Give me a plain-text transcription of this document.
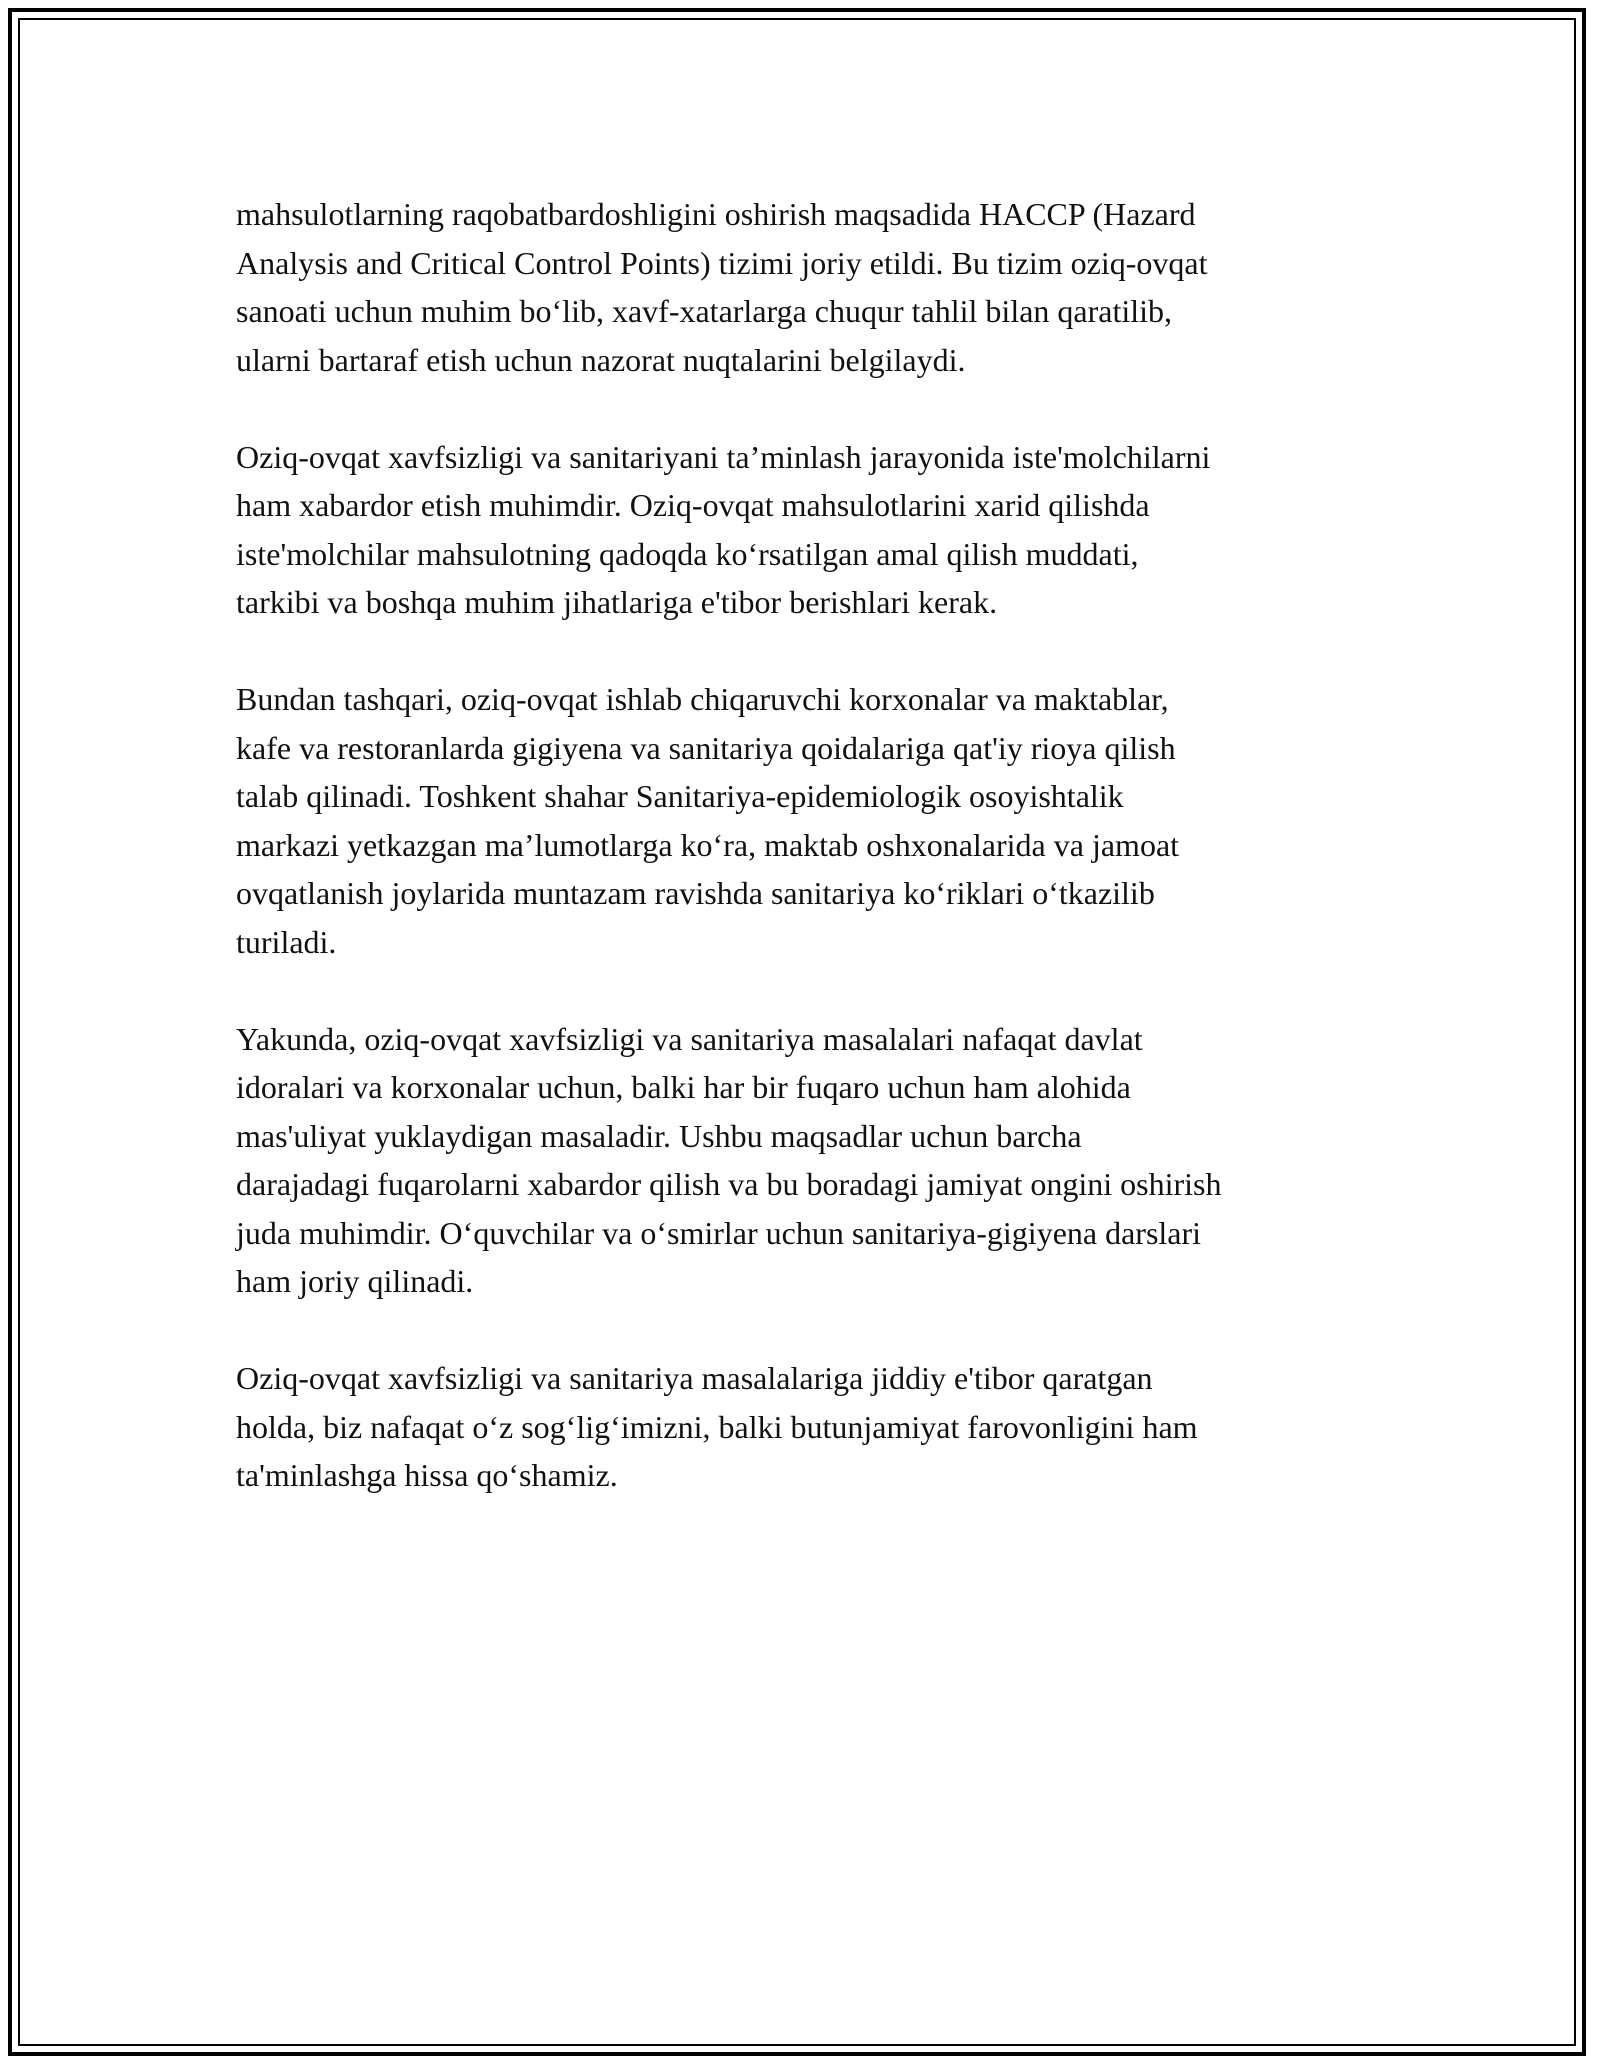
mahsulotlarning raqobatbardoshligini oshirish maqsadida HACCP (Hazard
Analysis and Critical Control Points) tizimi joriy etildi. Bu tizim oziq-ovqat
sanoati uchun muhim bo‘lib, xavf-xatarlarga chuqur tahlil bilan qaratilib,
ularni bartaraf etish uchun nazorat nuqtalarini belgilaydi.

Oziq-ovqat xavfsizligi va sanitariyani ta’minlash jarayonida iste'molchilarni
ham xabardor etish muhimdir. Oziq-ovqat mahsulotlarini xarid qilishda
iste'molchilar mahsulotning qadoqda ko‘rsatilgan amal qilish muddati,
tarkibi va boshqa muhim jihatlariga e'tibor berishlari kerak.

Bundan tashqari, oziq-ovqat ishlab chiqaruvchi korxonalar va maktablar,
kafe va restoranlarda gigiyena va sanitariya qoidalariga qat'iy rioya qilish
talab qilinadi. Toshkent shahar Sanitariya-epidemiologik osoyishtalik
markazi yetkazgan ma’lumotlarga ko‘ra, maktab oshxonalarida va jamoat
ovqatlanish joylarida muntazam ravishda sanitariya ko‘riklari o‘tkazilib
turiladi.

Yakunda, oziq-ovqat xavfsizligi va sanitariya masalalari nafaqat davlat
idoralari va korxonalar uchun, balki har bir fuqaro uchun ham alohida
mas'uliyat yuklaydigan masaladir. Ushbu maqsadlar uchun barcha
darajadagi fuqarolarni xabardor qilish va bu boradagi jamiyat ongini oshirish
juda muhimdir. O‘quvchilar va o‘smirlar uchun sanitariya-gigiyena darslari
ham joriy qilinadi.

Oziq-ovqat xavfsizligi va sanitariya masalalariga jiddiy e'tibor qaratgan
holda, biz nafaqat o‘z sog‘lig‘imizni, balki butunjamiyat farovonligini ham
ta'minlashga hissa qo‘shamiz.
